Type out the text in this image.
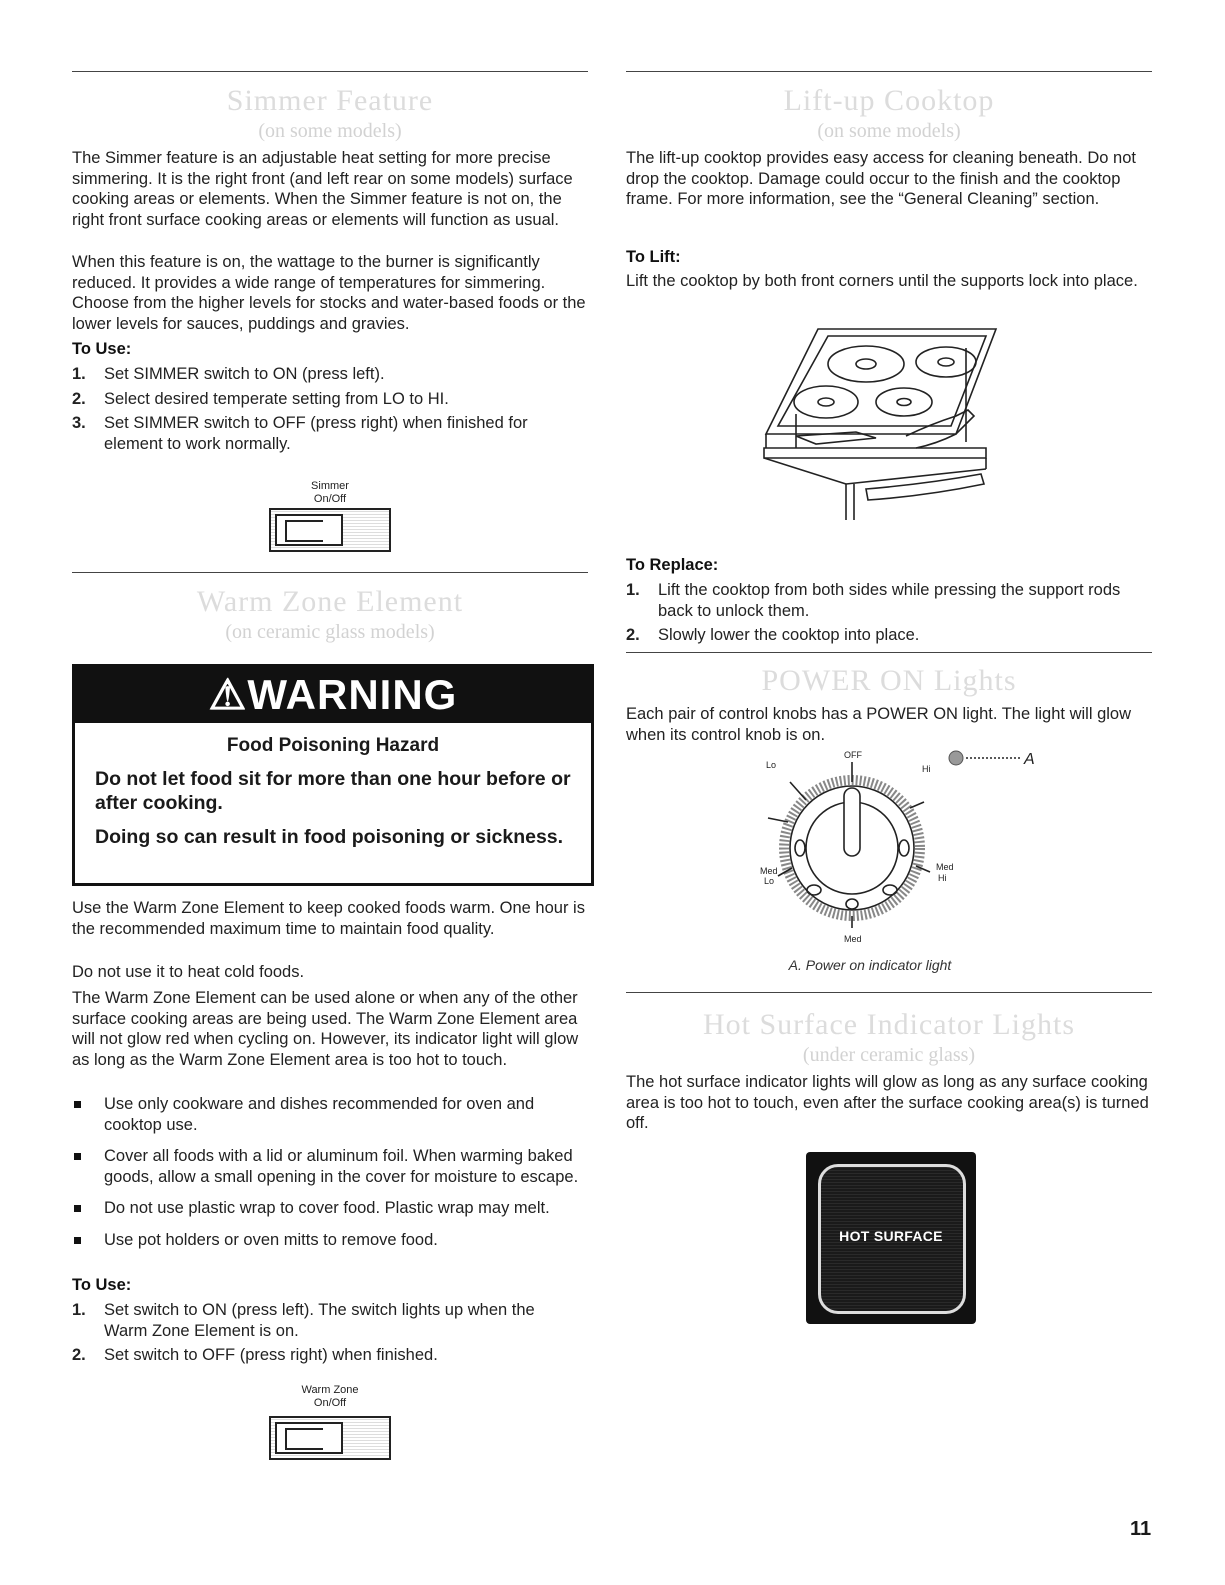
Simmer Feature
(on some models)

The Simmer feature is an adjustable heat setting for more precise simmering. It is the right front (and left rear on some models) surface cooking areas or elements. When the Simmer feature is not on, the right front surface cooking areas or elements will function as usual.

When this feature is on, the wattage to the burner is significantly reduced. It provides a wide range of temperatures for simmering. Choose from the higher levels for stocks and water-based foods or the lower levels for sauces, puddings and gravies.

To Use:
1. Set SIMMER switch to ON (press left).
2. Select desired temperate setting from LO to HI.
3. Set SIMMER switch to OFF (press right) when finished for element to work normally.
Simmer
On/Off
Warm Zone Element
(on ceramic glass models)
⚠WARNING
Food Poisoning Hazard
Do not let food sit for more than one hour before or after cooking.
Doing so can result in food poisoning or sickness.

Use the Warm Zone Element to keep cooked foods warm. One hour is the recommended maximum time to maintain food quality.

Do not use it to heat cold foods.

The Warm Zone Element can be used alone or when any of the other surface cooking areas are being used. The Warm Zone Element area will not glow red when cycling on. However, its indicator light will glow as long as the Warm Zone Element area is too hot to touch.

Use only cookware and dishes recommended for oven and cooktop use.
Cover all foods with a lid or aluminum foil. When warming baked goods, allow a small opening in the cover for moisture to escape.
Do not use plastic wrap to cover food. Plastic wrap may melt.
Use pot holders or oven mitts to remove food.
To Use:
1. Set switch to ON (press left). The switch lights up when the Warm Zone Element is on.
2. Set switch to OFF (press right) when finished.
Warm Zone
On/Off
Lift-up Cooktop
(on some models)

The lift-up cooktop provides easy access for cleaning beneath. Do not drop the cooktop. Damage could occur to the finish and the cooktop frame. For more information, see the “General Cleaning” section.

To Lift:

Lift the cooktop by both front corners until the supports lock into place.

To Replace:
1. Lift the cooktop from both sides while pressing the support rods back to unlock them.
2. Slowly lower the cooktop into place.
POWER ON Lights

Each pair of control knobs has a POWER ON light. The light will glow when its control knob is on.

OFF
Lo	Hi
Med
Lo
Med
Hi
Med
A
A. Power on indicator light
Hot Surface Indicator Lights
(under ceramic glass)

The hot surface indicator lights will glow as long as any surface cooking area is too hot to touch, even after the surface cooking area(s) is turned off.

HOT SURFACE
11
